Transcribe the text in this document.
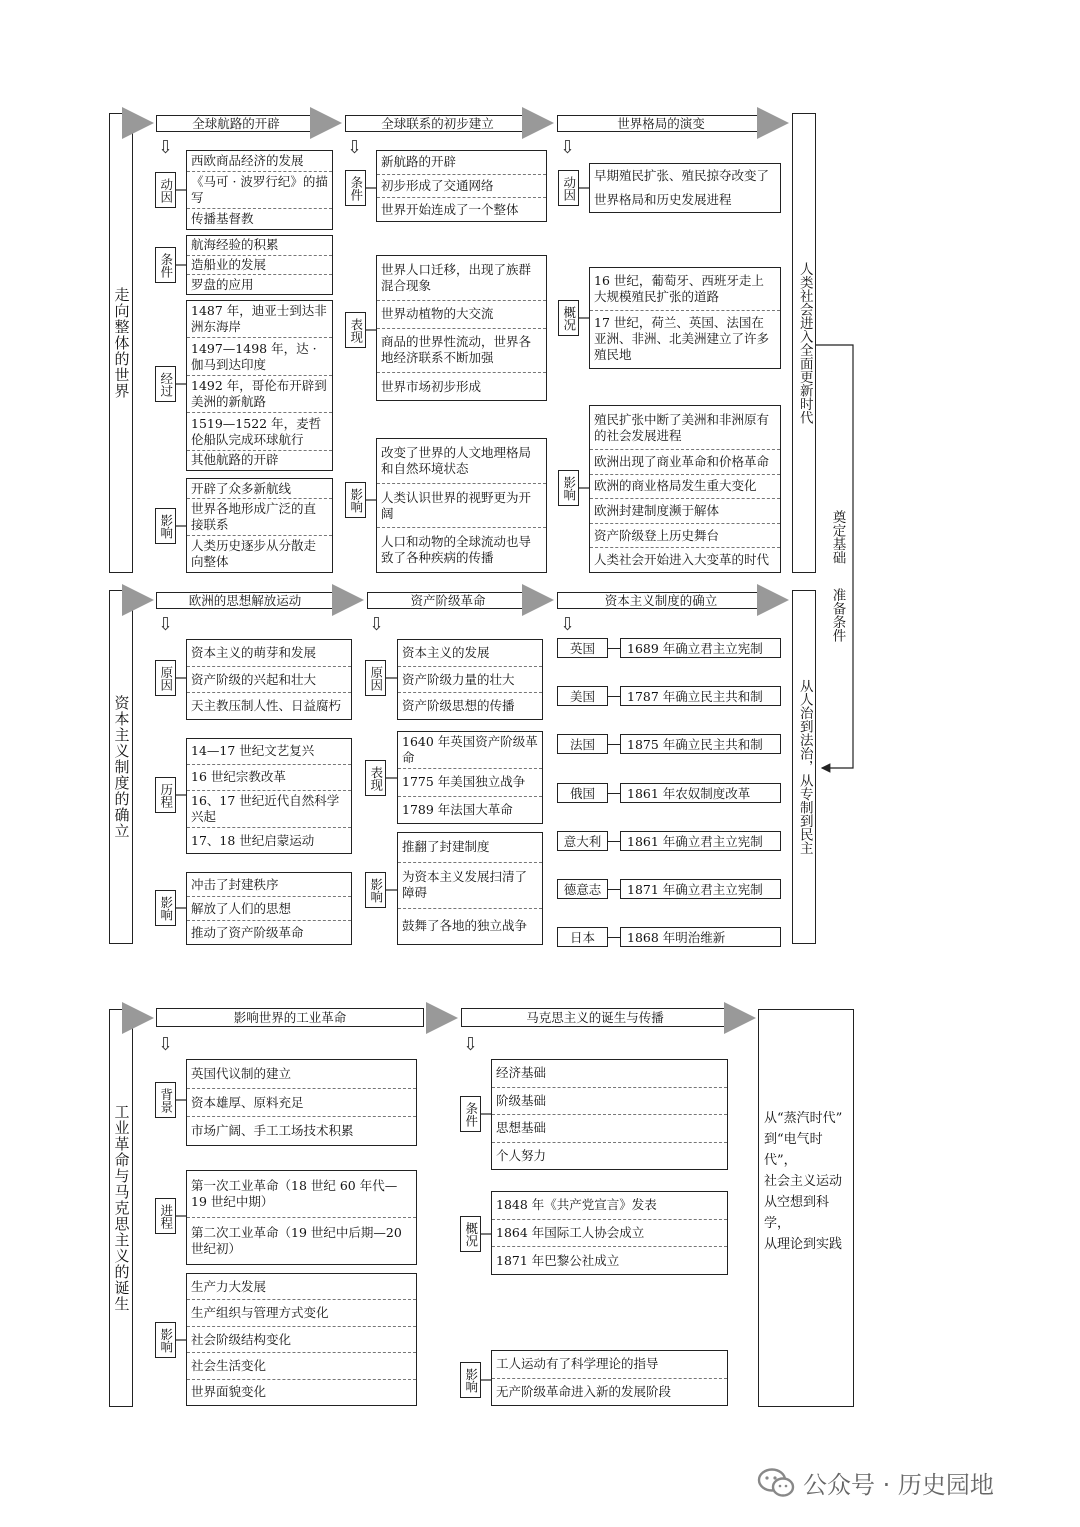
走向整体的世界	人类社会进入全面更新时代
全球航路的开辟	全球联系的初步建立	世界格局的演变
⇩	⇩	⇩
动因
西欧商品经济的发展
《马可 · 波罗行纪》的描写
传播基督教
条件
航海经验的积累
造船业的发展
罗盘的应用
经过
1487 年，迪亚士到达非洲东海岸
1497—1498 年，达 · 伽马到达印度
1492 年，哥伦布开辟到美洲的新航路
1519—1522 年，麦哲伦船队完成环球航行
其他航路的开辟
影响
开辟了众多新航线
世界各地形成广泛的直接联系
人类历史逐步从分散走向整体
条件
新航路的开辟
初步形成了交通网络
世界开始连成了一个整体
表现
世界人口迁移，出现了族群混合现象
世界动植物的大交流
商品的世界性流动，世界各地经济联系不断加强
世界市场初步形成
影响
改变了世界的人文地理格局和自然环境状态
人类认识世界的视野更为开阔
人口和动物的全球流动也导致了各种疾病的传播
动因	早期殖民扩张、殖民掠夺改变了
世界格局和历史发展进程
概况
16 世纪，葡萄牙、西班牙走上大规模殖民扩张的道路
17 世纪，荷兰、英国、法国在亚洲、非洲、北美洲建立了许多殖民地
影响
殖民扩张中断了美洲和非洲原有的社会发展进程
欧洲出现了商业革命和价格革命
欧洲的商业格局发生重大变化
欧洲封建制度濒于解体
资产阶级登上历史舞台
人类社会开始进入大变革的时代	奠定基础
准备条件
资本主义制度的确立	从人治到法治，从专制到民主
欧洲的思想解放运动	资产阶级革命	资本主义制度的确立
⇩	⇩	⇩
原因
资本主义的萌芽和发展
资产阶级的兴起和壮大
天主教压制人性、日益腐朽
历程
14—17 世纪文艺复兴
16 世纪宗教改革
16、17 世纪近代自然科学兴起
17、18 世纪启蒙运动
影响
冲击了封建秩序
解放了人们的思想
推动了资产阶级革命
原因
资本主义的发展
资产阶级力量的壮大
资产阶级思想的传播
表现
1640 年英国资产阶级革命
1775 年美国独立战争
1789 年法国大革命
影响
推翻了封建制度
为资本主义发展扫清了障碍
鼓舞了各地的独立战争
英国	1689 年确立君主立宪制
美国	1787 年确立民主共和制
法国	1875 年确立民主共和制
俄国	1861 年农奴制度改革
意大利	1861 年确立君主立宪制
德意志	1871 年确立君主立宪制
日本	1868 年明治维新
工业革命与马克思主义的诞生
影响世界的工业革命	马克思主义的诞生与传播
⇩	⇩
背景
英国代议制的建立
资本雄厚、原料充足
市场广阔、手工工场技术积累
进程
第一次工业革命（18 世纪 60 年代—19 世纪中期）
第二次工业革命（19 世纪中后期—20 世纪初）
影响
生产力大发展
生产组织与管理方式变化
社会阶级结构变化
社会生活变化
世界面貌变化
条件
经济基础
阶级基础
思想基础
个人努力
概况
1848 年《共产党宣言》发表
1864 年国际工人协会成立
1871 年巴黎公社成立
影响
工人运动有了科学理论的指导
无产阶级革命进入新的发展阶段
从“蒸汽时代”
到“电气时代”，
社会主义运动
从空想到科学，
从理论到实践
公众号 · 历史园地
